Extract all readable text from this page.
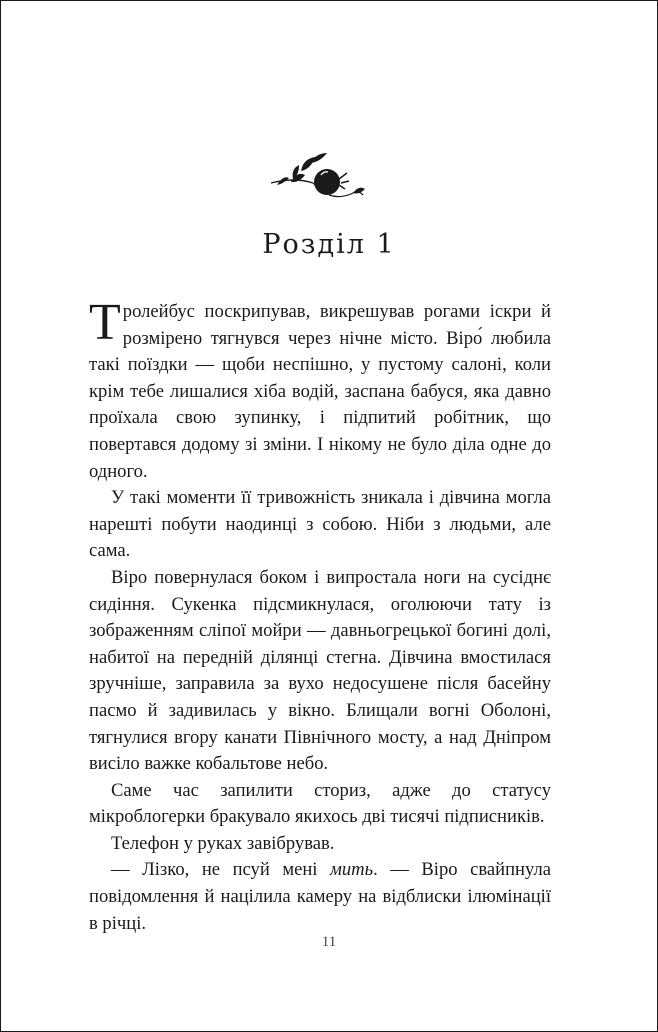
Розділ 1

Тролейбус поскрипував, викрешував рогами іскри й розмірено тягнувся через нічне місто. Віро́ любила такі поїздки — щоби неспішно, у пустому салоні, коли крім тебе лишалися хіба водій, заспана бабуся, яка давно проїхала свою зупинку, і підпитий робітник, що повертався додому зі зміни. І нікому не було діла одне до одного.

У такі моменти її тривожність зникала і дівчина могла нарешті побути наодинці з собою. Ніби з людьми, але сама.

Віро повернулася боком і випростала ноги на сусіднє сидіння. Сукенка підсмикнулася, оголюючи тату із зображенням сліпої мойри — давньогрецької богині долі, набитої на передній ділянці стегна. Дівчина вмостилася зручніше, заправила за вухо недосушене після басейну пасмо й задивилась у вікно. Блищали вогні Оболоні, тягнулися вгору канати Північного мосту, а над Дніпром висіло важке кобальтове небо.

Саме час запилити сториз, адже до статусу мікроблогерки бракувало якихось дві тисячі підписників.

Телефон у руках завібрував.

— Лізко, не псуй мені мить. — Віро свайпнула повідомлення й націлила камеру на відблиски ілюмінації в річці.

11
